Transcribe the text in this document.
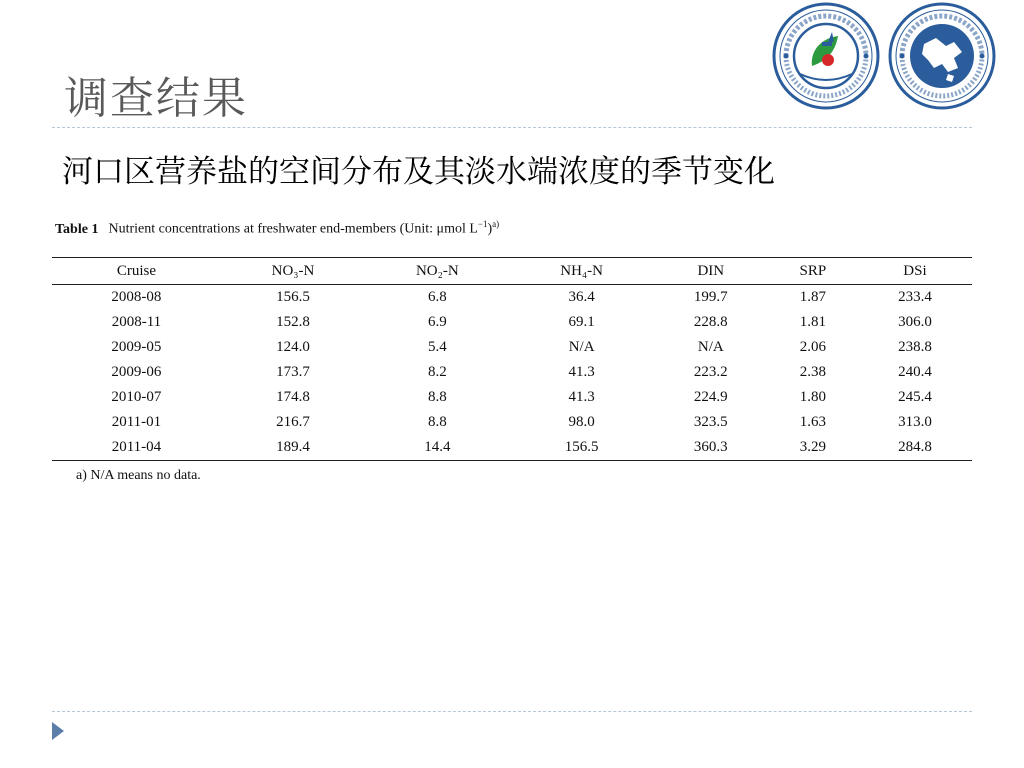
调查结果
河口区营养盐的空间分布及其淡水端浓度的季节变化
Table 1 Nutrient concentrations at freshwater end-members (Unit: μmol $L^{-1})^{a)}$
Cruise	NO₃-N	NO₂-N	NH₄-N	DIN	SRP	DSi
2008-08	156.5	6.8	36.4	199.7	1.87	233.4
2008-11	152.8	6.9	69.1	228.8	1.81	306.0
2009-05	124.0	5.4	N/A	N/A	2.06	238.8
2009-06	173.7	8.2	41.3	223.2	2.38	240.4
2010-07	174.8	8.8	41.3	224.9	1.80	245.4
2011-01	216.7	8.8	98.0	323.5	1.63	313.0
2011-04	189.4	14.4	156.5	360.3	3.29	284.8
a) N/A means no data.
